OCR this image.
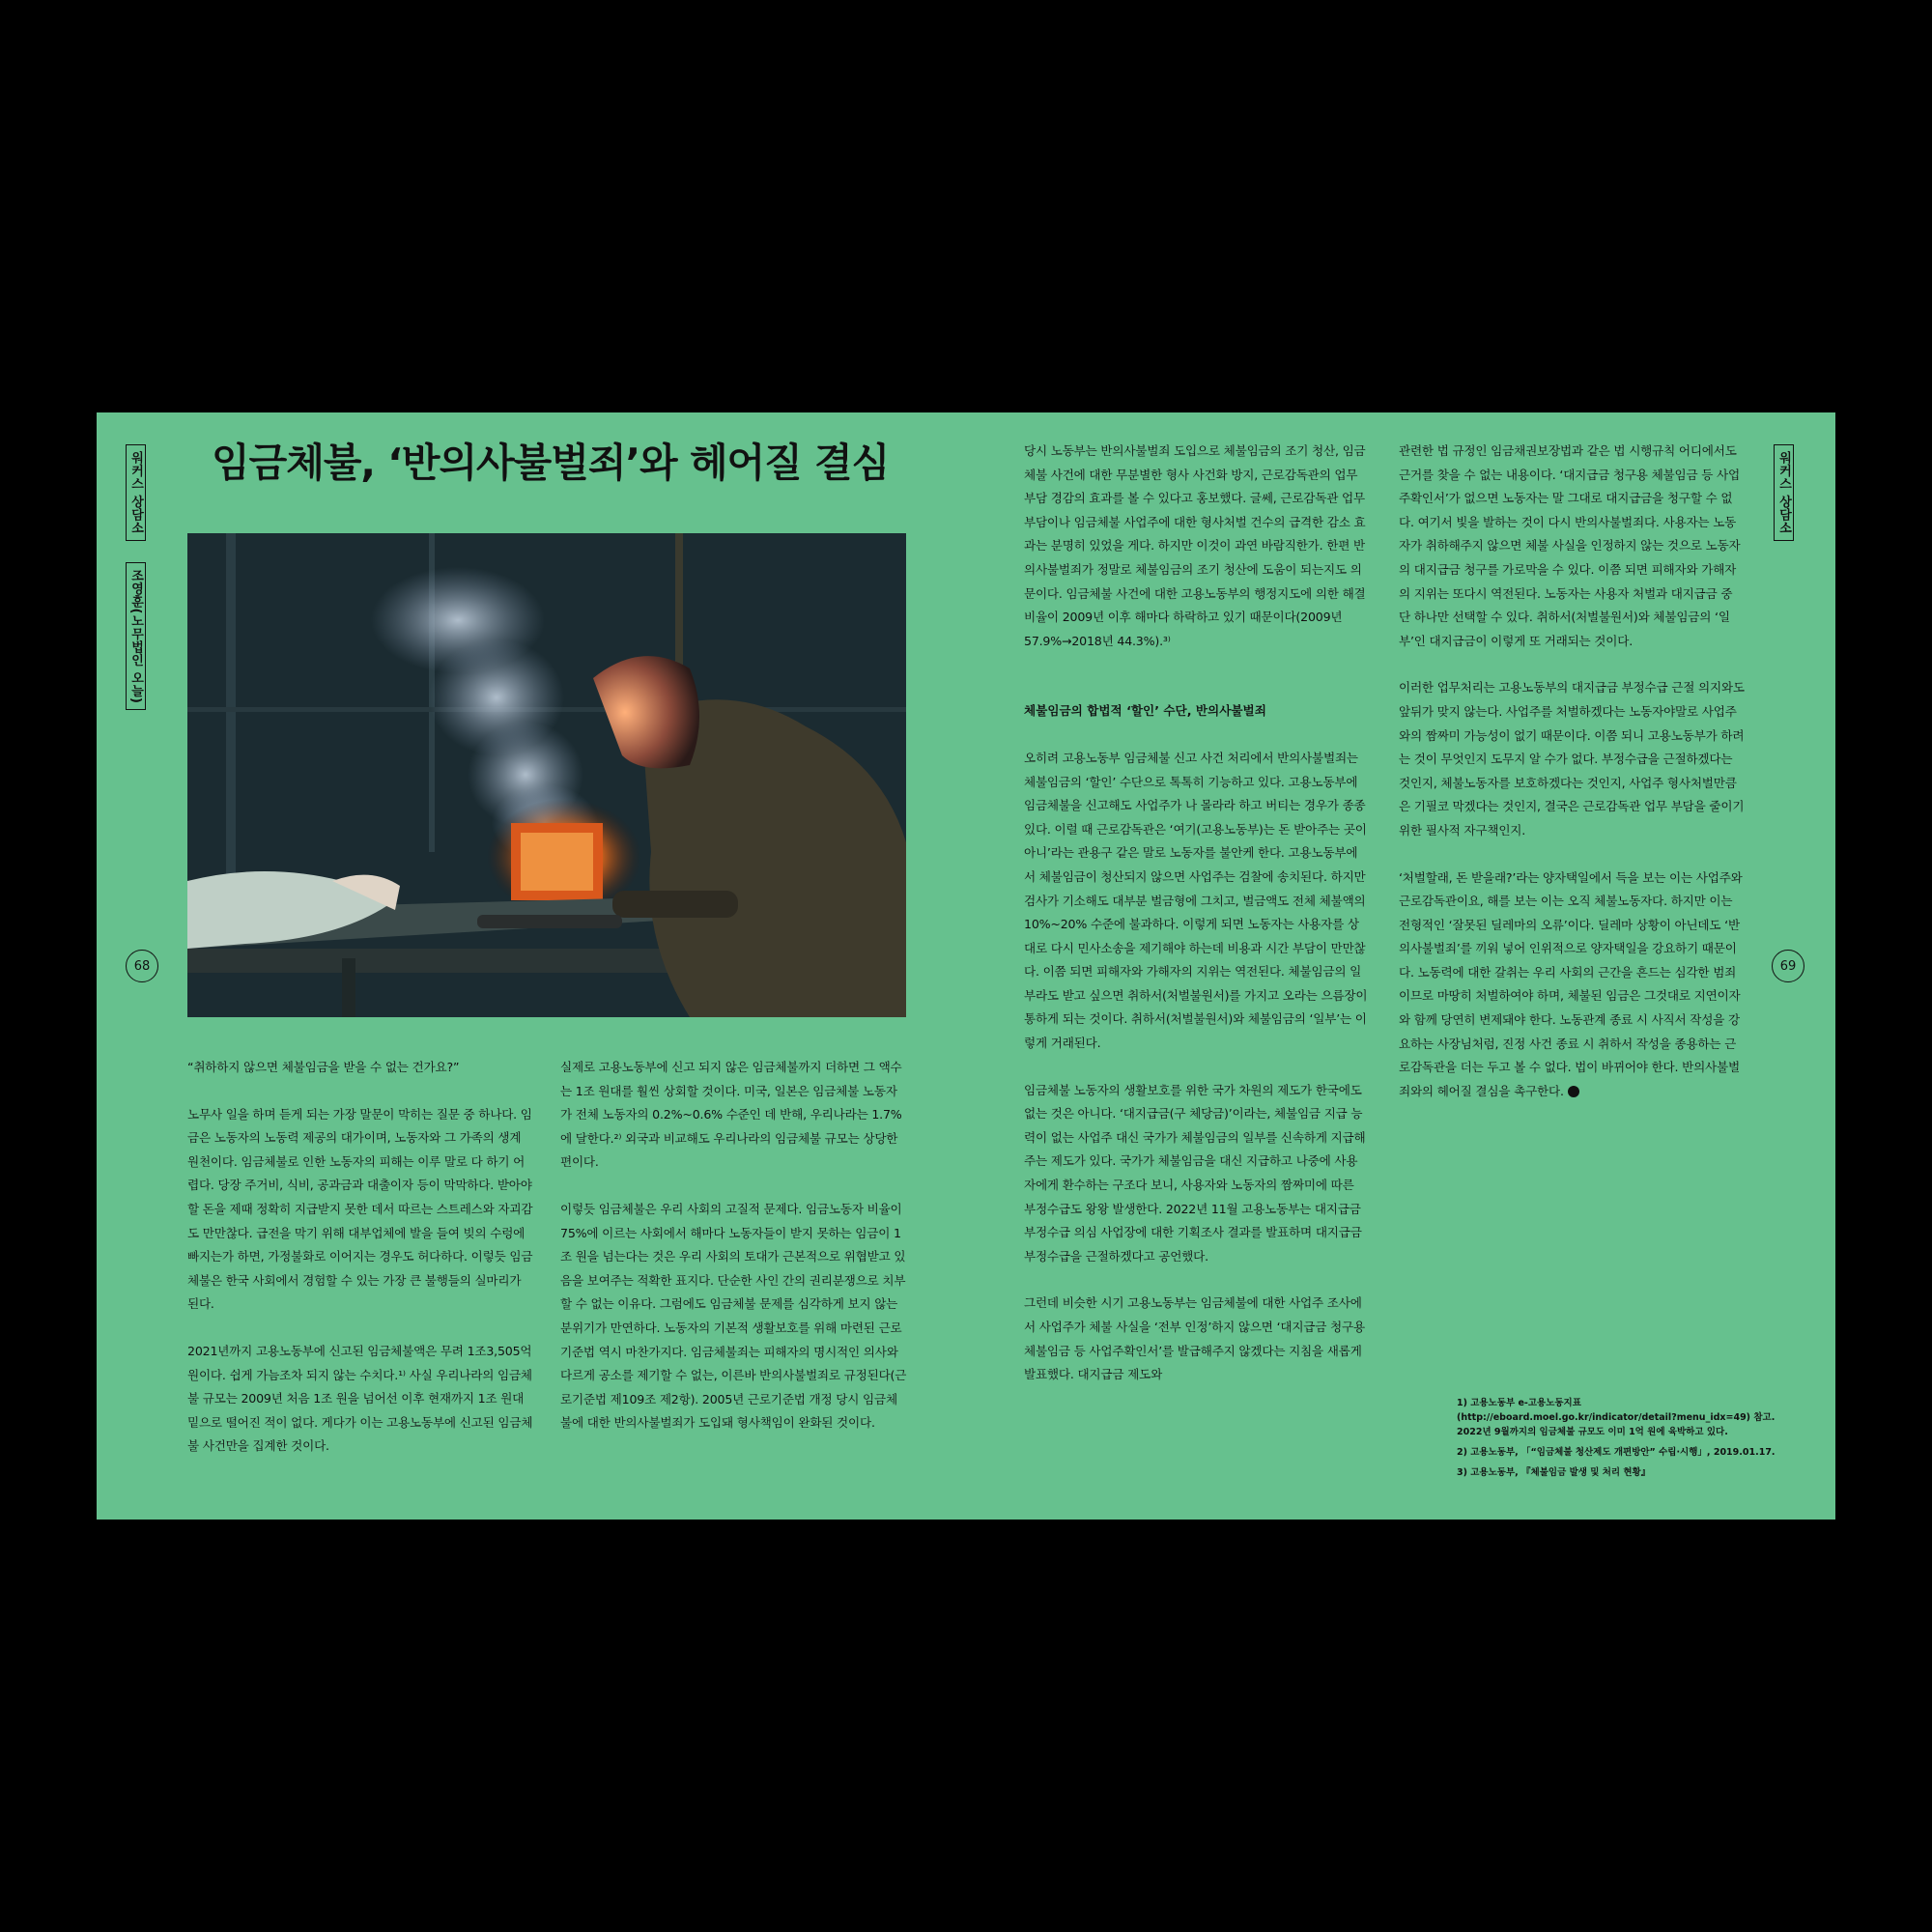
워커스 상담소
조영훈(노무법인 오늘)
68
워커스 상담소
69
임금체불, ‘반의사불벌죄’와 헤어질 결심

“취하하지 않으면 체불임금을 받을 수 없는 건가요?”

노무사 일을 하며 듣게 되는 가장 말문이 막히는 질문 중 하나다. 임금은 노동자의 노동력 제공의 대가이며, 노동자와 그 가족의 생계 원천이다. 임금체불로 인한 노동자의 피해는 이루 말로 다 하기 어렵다. 당장 주거비, 식비, 공과금과 대출이자 등이 막막하다. 받아야 할 돈을 제때 정확히 지급받지 못한 데서 따르는 스트레스와 자괴감도 만만찮다. 급전을 막기 위해 대부업체에 발을 들여 빚의 수렁에 빠지는가 하면, 가정불화로 이어지는 경우도 허다하다. 이렇듯 임금체불은 한국 사회에서 경험할 수 있는 가장 큰 불행들의 실마리가 된다.

2021년까지 고용노동부에 신고된 임금체불액은 무려 1조3,505억 원이다. 쉽게 가늠조차 되지 않는 수치다.¹⁾ 사실 우리나라의 임금체불 규모는 2009년 처음 1조 원을 넘어선 이후 현재까지 1조 원대 밑으로 떨어진 적이 없다. 게다가 이는 고용노동부에 신고된 임금체불 사건만을 집계한 것이다.

실제로 고용노동부에 신고 되지 않은 임금체불까지 더하면 그 액수는 1조 원대를 훨씬 상회할 것이다. 미국, 일본은 임금체불 노동자가 전체 노동자의 0.2%~0.6% 수준인 데 반해, 우리나라는 1.7%에 달한다.²⁾ 외국과 비교해도 우리나라의 임금체불 규모는 상당한 편이다.

이렇듯 임금체불은 우리 사회의 고질적 문제다. 임금노동자 비율이 75%에 이르는 사회에서 해마다 노동자들이 받지 못하는 임금이 1조 원을 넘는다는 것은 우리 사회의 토대가 근본적으로 위협받고 있음을 보여주는 적확한 표지다. 단순한 사인 간의 권리분쟁으로 치부할 수 없는 이유다. 그럼에도 임금체불 문제를 심각하게 보지 않는 분위기가 만연하다. 노동자의 기본적 생활보호를 위해 마련된 근로기준법 역시 마찬가지다. 임금체불죄는 피해자의 명시적인 의사와 다르게 공소를 제기할 수 없는, 이른바 반의사불벌죄로 규정된다(근로기준법 제109조 제2항). 2005년 근로기준법 개정 당시 임금체불에 대한 반의사불벌죄가 도입돼 형사책임이 완화된 것이다.

당시 노동부는 반의사불벌죄 도입으로 체불임금의 조기 청산, 임금체불 사건에 대한 무분별한 형사 사건화 방지, 근로감독관의 업무 부담 경감의 효과를 볼 수 있다고 홍보했다. 글쎄, 근로감독관 업무 부담이나 임금체불 사업주에 대한 형사처벌 건수의 급격한 감소 효과는 분명히 있었을 게다. 하지만 이것이 과연 바람직한가. 한편 반의사불벌죄가 정말로 체불임금의 조기 청산에 도움이 되는지도 의문이다. 임금체불 사건에 대한 고용노동부의 행정지도에 의한 해결 비율이 2009년 이후 해마다 하락하고 있기 때문이다(2009년 57.9%→2018년 44.3%).³⁾

체불임금의 합법적 ‘할인’ 수단, 반의사불벌죄

오히려 고용노동부 임금체불 신고 사건 처리에서 반의사불벌죄는 체불임금의 ‘할인’ 수단으로 톡톡히 기능하고 있다. 고용노동부에 임금체불을 신고해도 사업주가 나 몰라라 하고 버티는 경우가 종종 있다. 이럴 때 근로감독관은 ‘여기(고용노동부)는 돈 받아주는 곳이 아니’라는 관용구 같은 말로 노동자를 불안케 한다. 고용노동부에서 체불임금이 청산되지 않으면 사업주는 검찰에 송치된다. 하지만 검사가 기소해도 대부분 벌금형에 그치고, 벌금액도 전체 체불액의 10%~20% 수준에 불과하다. 이렇게 되면 노동자는 사용자를 상대로 다시 민사소송을 제기해야 하는데 비용과 시간 부담이 만만찮다. 이쯤 되면 피해자와 가해자의 지위는 역전된다. 체불임금의 일부라도 받고 싶으면 취하서(처벌불원서)를 가지고 오라는 으름장이 통하게 되는 것이다. 취하서(처벌불원서)와 체불임금의 ‘일부’는 이렇게 거래된다.

임금체불 노동자의 생활보호를 위한 국가 차원의 제도가 한국에도 없는 것은 아니다. ‘대지급금(구 체당금)’이라는, 체불임금 지급 능력이 없는 사업주 대신 국가가 체불임금의 일부를 신속하게 지급해주는 제도가 있다. 국가가 체불임금을 대신 지급하고 나중에 사용자에게 환수하는 구조다 보니, 사용자와 노동자의 짬짜미에 따른 부정수급도 왕왕 발생한다. 2022년 11월 고용노동부는 대지급금 부정수급 의심 사업장에 대한 기획조사 결과를 발표하며 대지급금 부정수급을 근절하겠다고 공언했다.

그런데 비슷한 시기 고용노동부는 임금체불에 대한 사업주 조사에서 사업주가 체불 사실을 ‘전부 인정’하지 않으면 ‘대지급금 청구용 체불임금 등 사업주확인서’를 발급해주지 않겠다는 지침을 새롭게 발표했다. 대지급금 제도와

관련한 법 규정인 임금채권보장법과 같은 법 시행규칙 어디에서도 근거를 찾을 수 없는 내용이다. ‘대지급금 청구용 체불임금 등 사업주확인서’가 없으면 노동자는 말 그대로 대지급금을 청구할 수 없다. 여기서 빛을 발하는 것이 다시 반의사불벌죄다. 사용자는 노동자가 취하해주지 않으면 체불 사실을 인정하지 않는 것으로 노동자의 대지급금 청구를 가로막을 수 있다. 이쯤 되면 피해자와 가해자의 지위는 또다시 역전된다. 노동자는 사용자 처벌과 대지급금 중 단 하나만 선택할 수 있다. 취하서(처벌불원서)와 체불임금의 ‘일부’인 대지급금이 이렇게 또 거래되는 것이다.

이러한 업무처리는 고용노동부의 대지급금 부정수급 근절 의지와도 앞뒤가 맞지 않는다. 사업주를 처벌하겠다는 노동자야말로 사업주와의 짬짜미 가능성이 없기 때문이다. 이쯤 되니 고용노동부가 하려는 것이 무엇인지 도무지 알 수가 없다. 부정수급을 근절하겠다는 것인지, 체불노동자를 보호하겠다는 것인지, 사업주 형사처벌만큼은 기필코 막겠다는 것인지, 결국은 근로감독관 업무 부담을 줄이기 위한 필사적 자구책인지.

‘처벌할래, 돈 받을래?’라는 양자택일에서 득을 보는 이는 사업주와 근로감독관이요, 해를 보는 이는 오직 체불노동자다. 하지만 이는 전형적인 ‘잘못된 딜레마의 오류’이다. 딜레마 상황이 아닌데도 ‘반의사불벌죄’를 끼워 넣어 인위적으로 양자택일을 강요하기 때문이다. 노동력에 대한 갈취는 우리 사회의 근간을 흔드는 심각한 범죄이므로 마땅히 처벌하여야 하며, 체불된 임금은 그것대로 지연이자와 함께 당연히 변제돼야 한다. 노동관계 종료 시 사직서 작성을 강요하는 사장님처럼, 진정 사건 종료 시 취하서 작성을 종용하는 근로감독관을 더는 두고 볼 수 없다. 법이 바뀌어야 한다. 반의사불벌죄와의 헤어질 결심을 촉구한다.

1) 고용노동부 e-고용노동지표(http://eboard.moel.go.kr/indicator/detail?menu_idx=49) 참고. 2022년 9월까지의 임금체불 규모도 이미 1억 원에 육박하고 있다.

2) 고용노동부, 「“임금체불 청산제도 개편방안” 수립·시행」, 2019.01.17.

3) 고용노동부, 『체불임금 발생 및 처리 현황』
